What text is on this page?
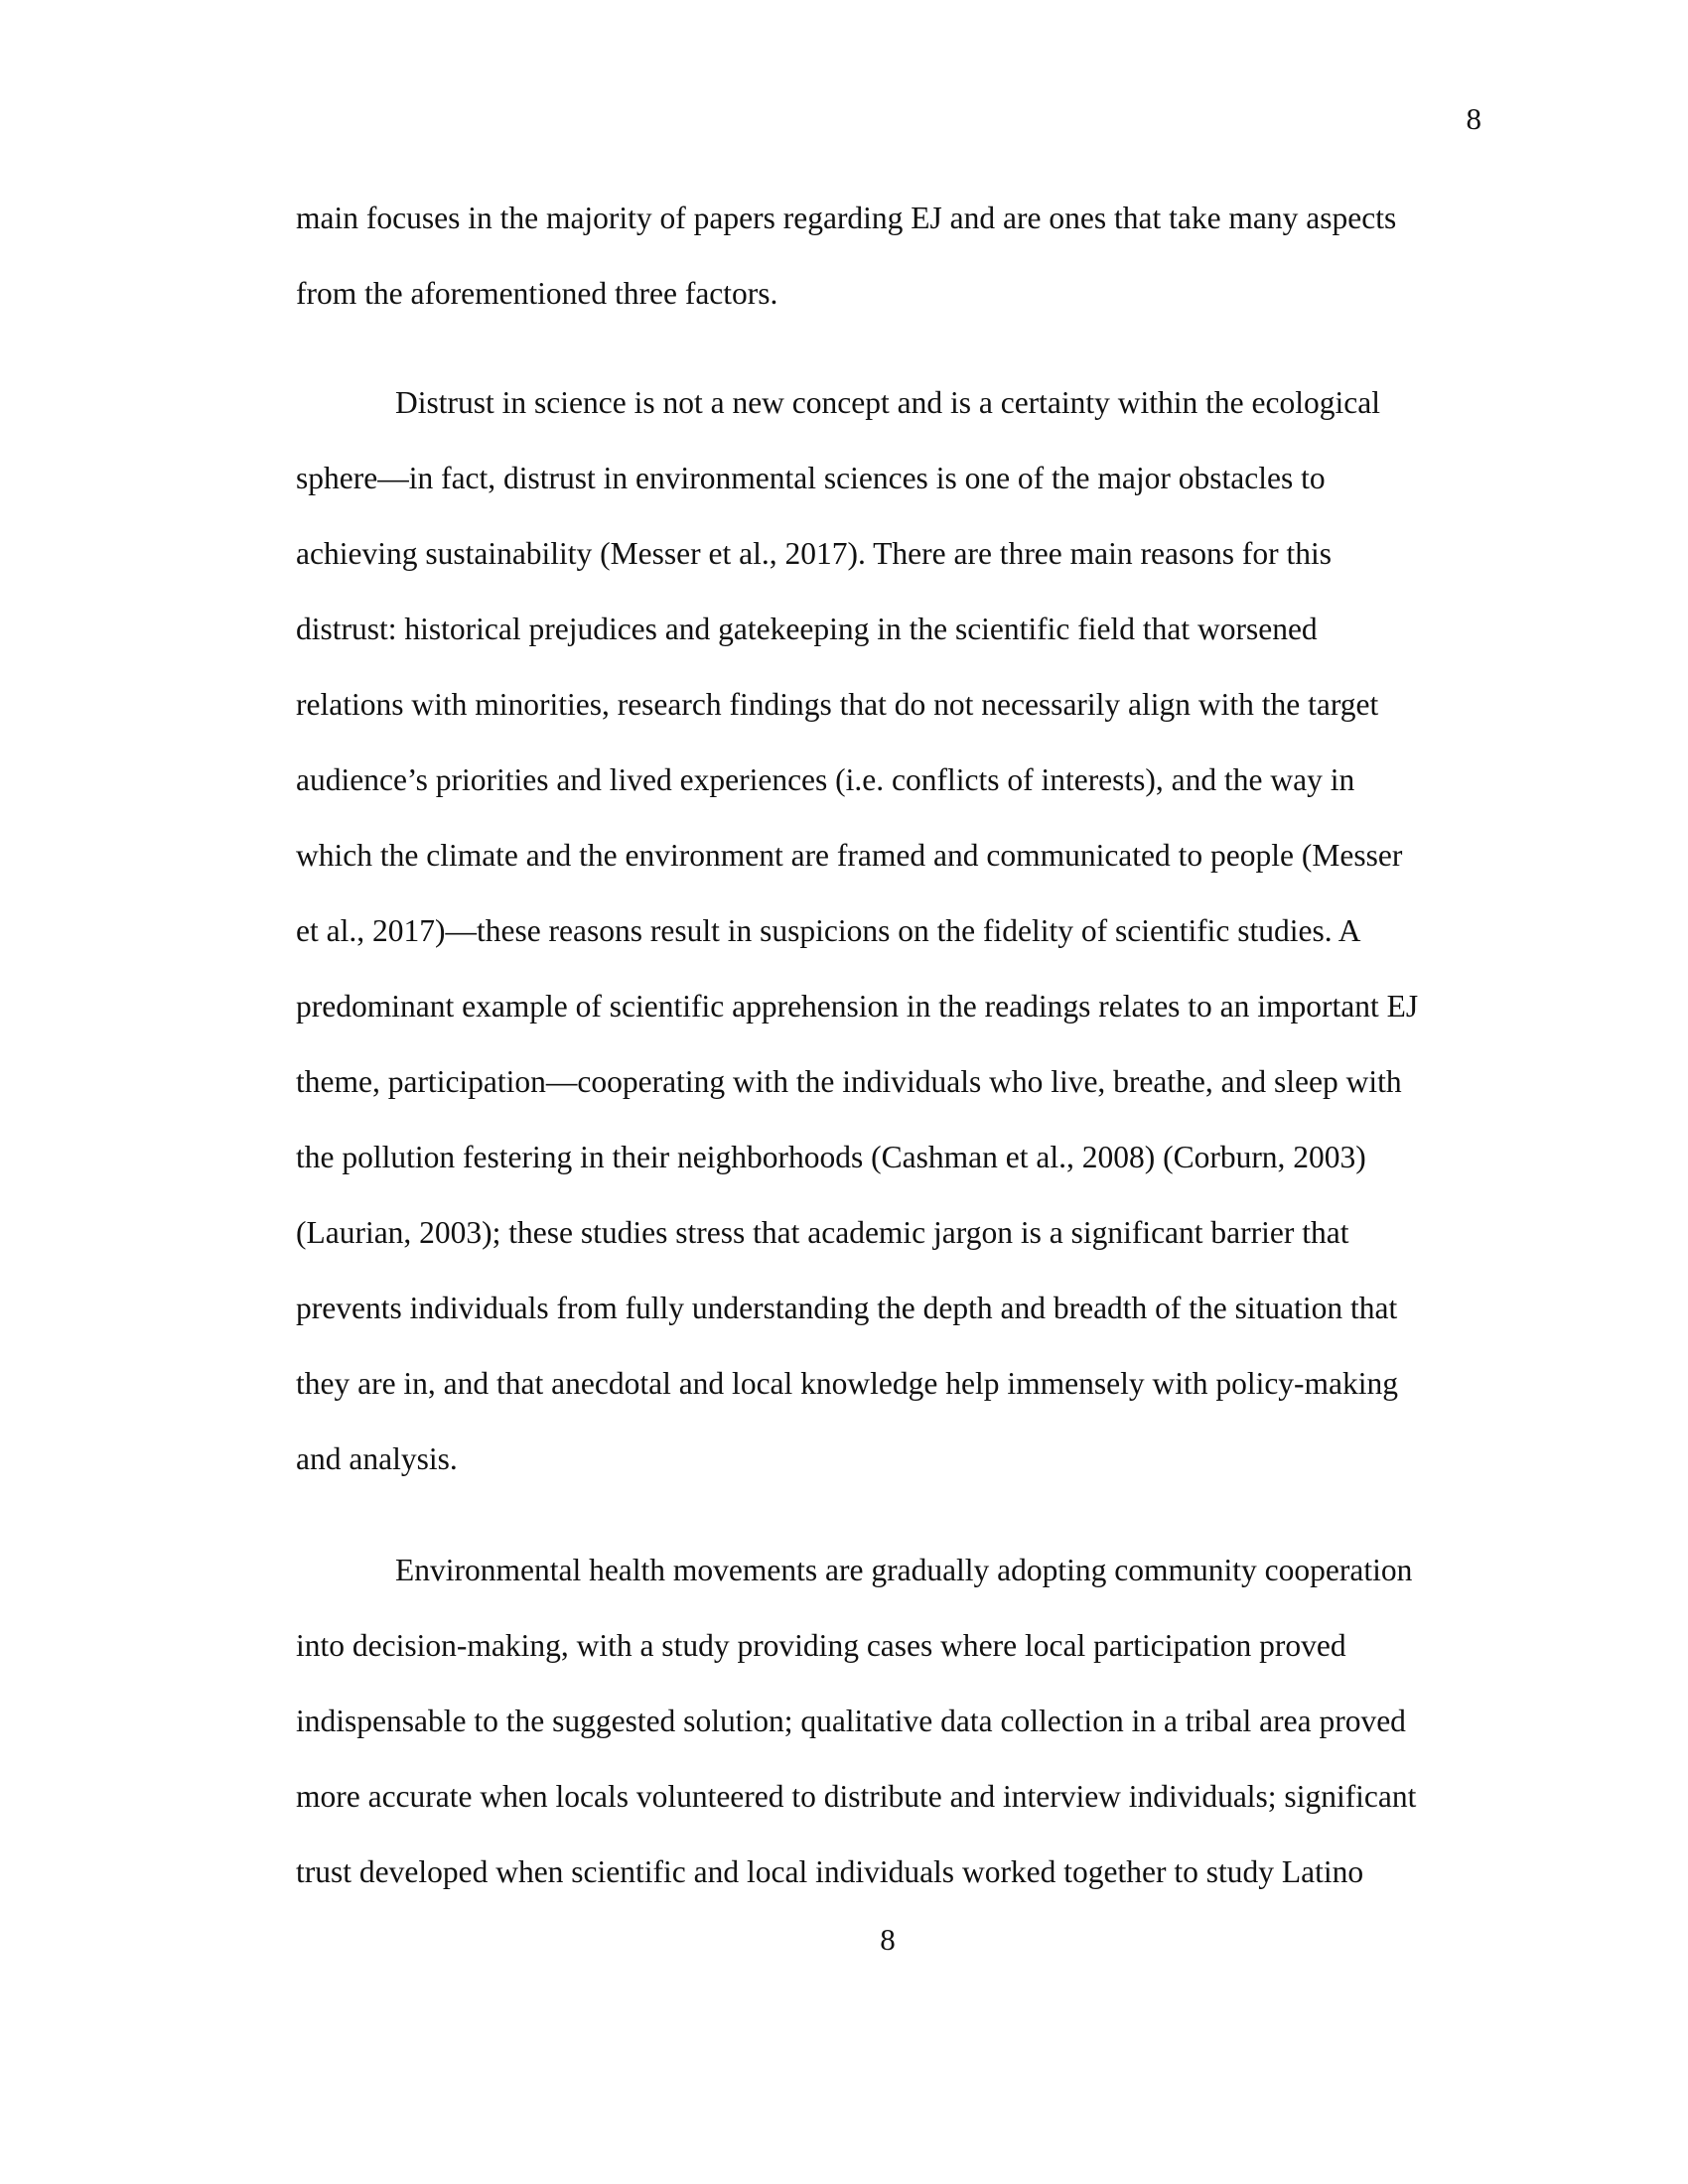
8
main focuses in the majority of papers regarding EJ and are ones that take many aspects
from the aforementioned three factors.
Distrust in science is not a new concept and is a certainty within the ecological
sphere—in fact, distrust in environmental sciences is one of the major obstacles to
achieving sustainability (Messer et al., 2017). There are three main reasons for this
distrust: historical prejudices and gatekeeping in the scientific field that worsened
relations with minorities, research findings that do not necessarily align with the target
audience’s priorities and lived experiences (i.e. conflicts of interests), and the way in
which the climate and the environment are framed and communicated to people (Messer
et al., 2017)—these reasons result in suspicions on the fidelity of scientific studies. A
predominant example of scientific apprehension in the readings relates to an important EJ
theme, participation—cooperating with the individuals who live, breathe, and sleep with
the pollution festering in their neighborhoods (Cashman et al., 2008) (Corburn, 2003)
(Laurian, 2003); these studies stress that academic jargon is a significant barrier that
prevents individuals from fully understanding the depth and breadth of the situation that
they are in, and that anecdotal and local knowledge help immensely with policy-making
and analysis.
Environmental health movements are gradually adopting community cooperation
into decision-making, with a study providing cases where local participation proved
indispensable to the suggested solution; qualitative data collection in a tribal area proved
more accurate when locals volunteered to distribute and interview individuals; significant
trust developed when scientific and local individuals worked together to study Latino
8
